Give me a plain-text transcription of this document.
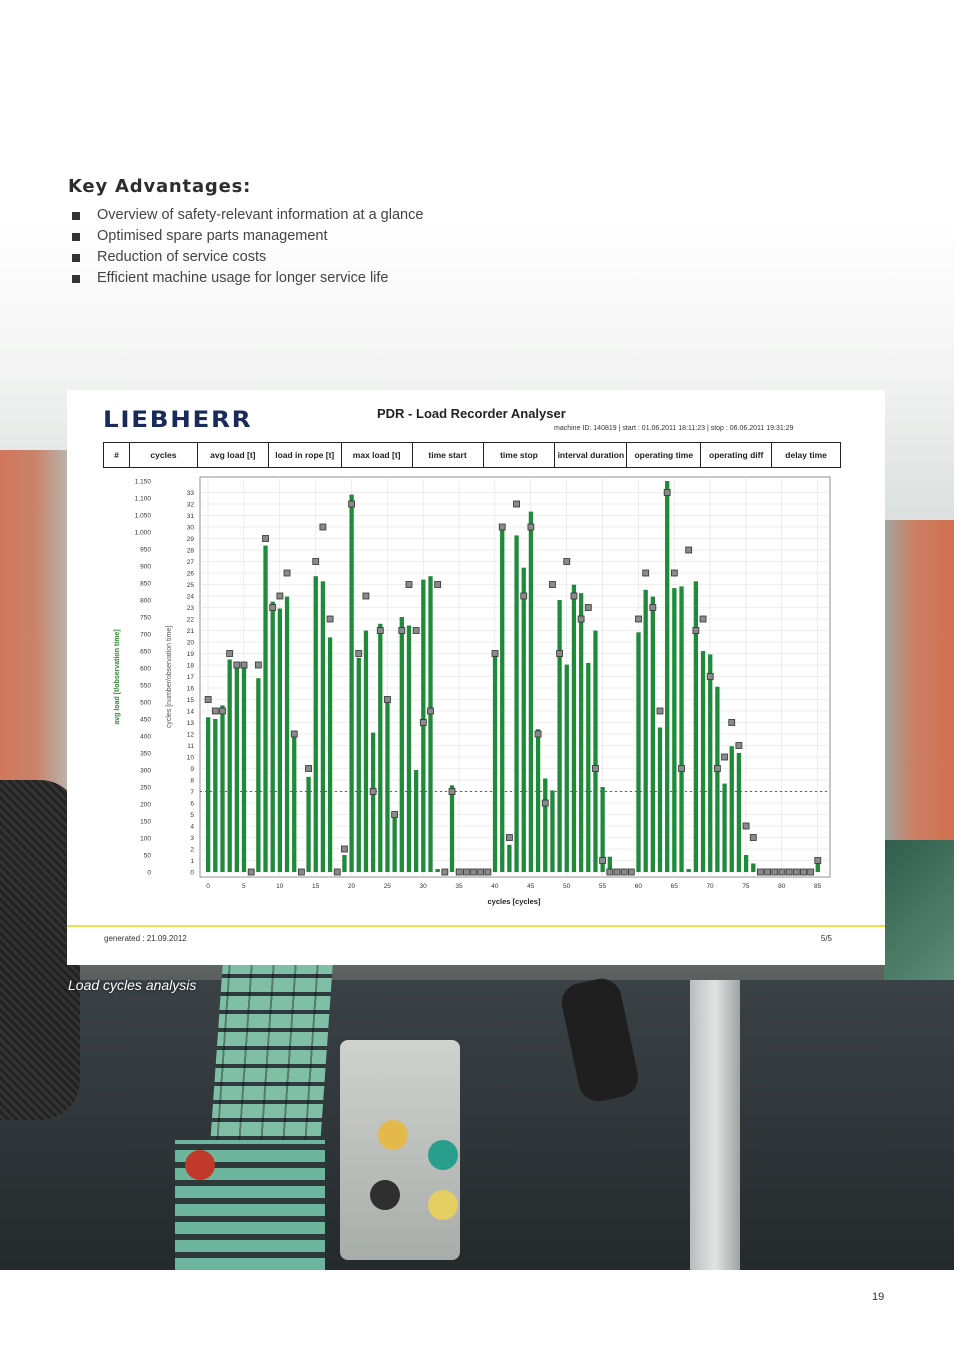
Key Advantages:
Overview of safety-relevant information at a glance
Optimised spare parts management
Reduction of service costs
Efficient machine usage for longer service life
LIEBHERR	PDR - Load Recorder Analyser
machine ID: 140819 | start : 01.06.2011 18:11:23 | stop : 06.06.2011 19:31:29
#	cycles	avg load [t]	load in rope [t]	max load [t]	time start	time stop	interval duration	operating time	operating diff	delay time
0
1
2
3
4
5
6
7
8
9
10
11
12
13
14
15
16
17
18
19
20
21
22
23
24
25
26
27
28
29
30
31
32
33
0
50
100
150
200
250
300
350
400
450
500
550
600
650
700
750
800
850
900
950
1.000
1.050
1.100
1.150
0	5	10	15	20	25	30	35	40	45	50	55	60	65	70	75	80	85
cycles [cycles]
avg load [t/observation time]	cycles [number/observation time]
generated : 21.09.2012	5/5
Load cycles analysis
19
